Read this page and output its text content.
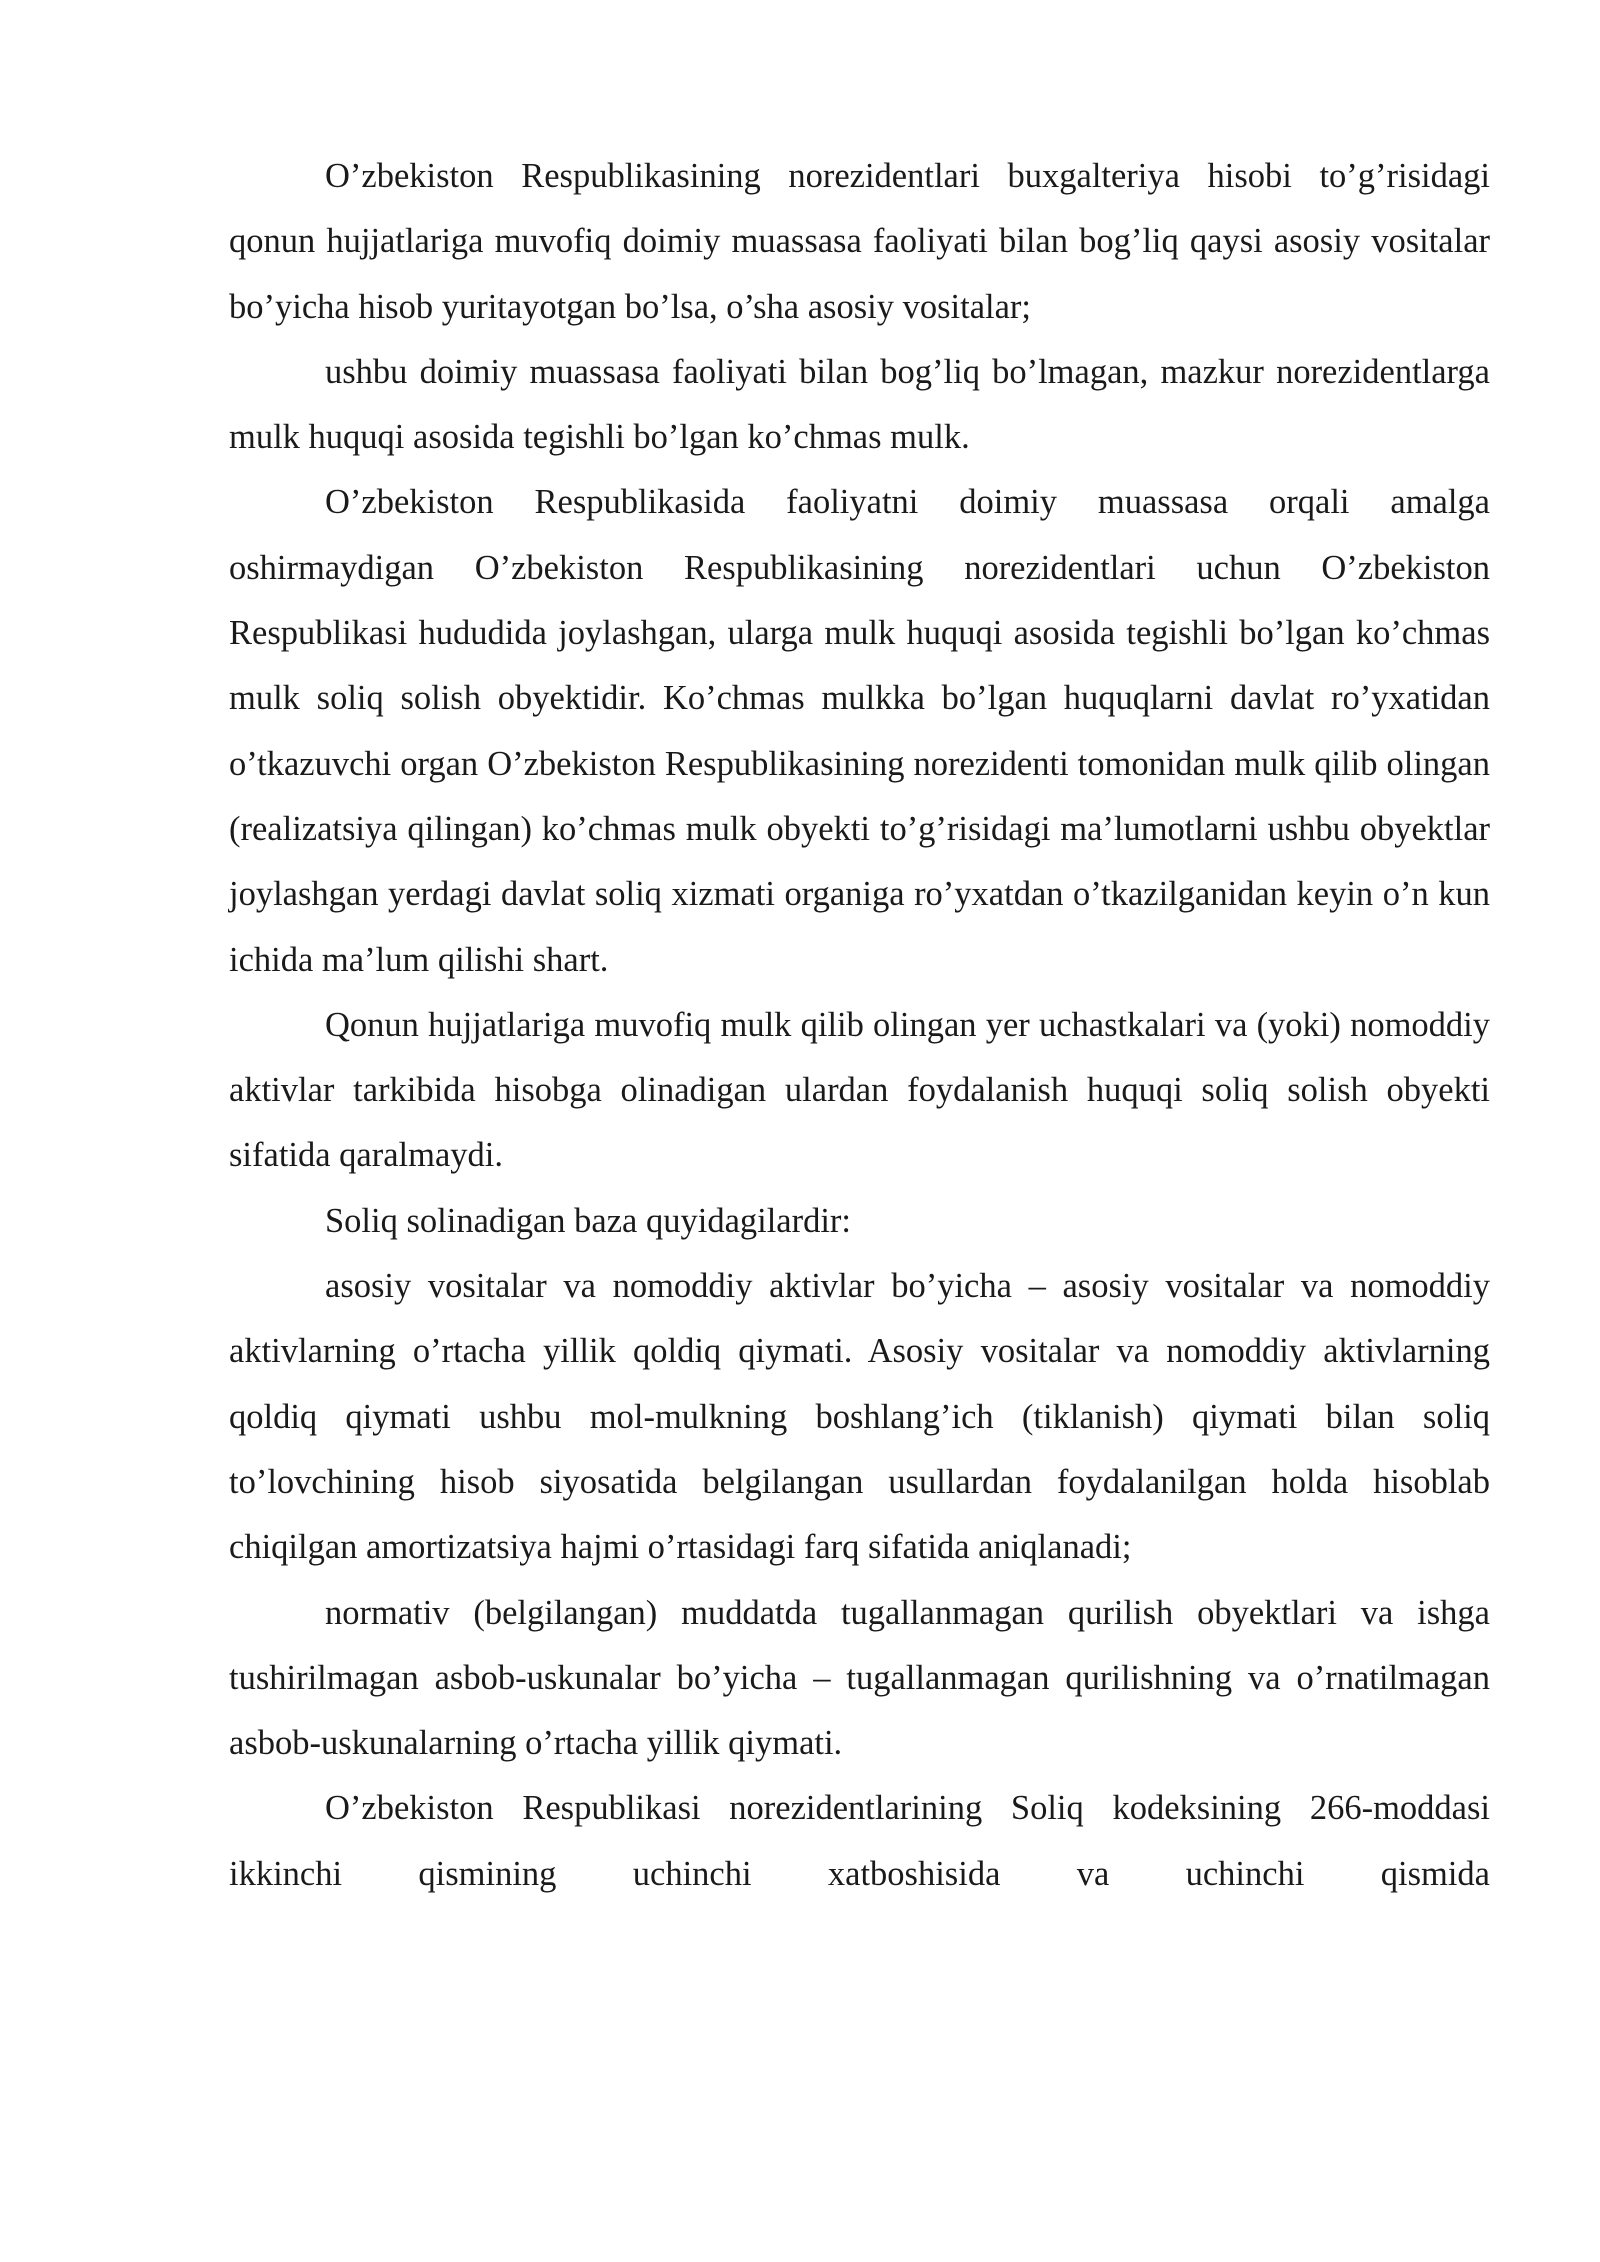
O’zbekiston Respublikasining norezidentlari buxgalteriya hisobi to’g’risidagi qonun hujjatlariga muvofiq doimiy muassasa faoliyati bilan bog’liq qaysi asosiy vositalar bo’yicha hisob yuritayotgan bo’lsa, o’sha asosiy vositalar;

ushbu doimiy muassasa faoliyati bilan bog’liq bo’lmagan, mazkur norezidentlarga mulk huquqi asosida tegishli bo’lgan ko’chmas mulk.

O’zbekiston Respublikasida faoliyatni doimiy muassasa orqali amalga oshirmaydigan O’zbekiston Respublikasining norezidentlari uchun O’zbekiston Respublikasi hududida joylashgan, ularga mulk huquqi asosida tegishli bo’lgan ko’chmas mulk soliq solish obyektidir. Ko’chmas mulkka bo’lgan huquqlarni davlat ro’yxatidan o’tkazuvchi organ O’zbekiston Respublikasining norezidenti tomonidan mulk qilib olingan (realizatsiya qilingan) ko’chmas mulk obyekti to’g’risidagi ma’lumotlarni ushbu obyektlar joylashgan yerdagi davlat soliq xizmati organiga ro’yxatdan o’tkazilganidan keyin o’n kun ichida ma’lum qilishi shart.

Qonun hujjatlariga muvofiq mulk qilib olingan yer uchastkalari va (yoki) nomoddiy aktivlar tarkibida hisobga olinadigan ulardan foydalanish huquqi soliq solish obyekti sifatida qaralmaydi.

Soliq solinadigan baza quyidagilardir:

asosiy vositalar va nomoddiy aktivlar bo’yicha – asosiy vositalar va nomoddiy aktivlarning o’rtacha yillik qoldiq qiymati. Asosiy vositalar va nomoddiy aktivlarning qoldiq qiymati ushbu mol-mulkning boshlang’ich (tiklanish) qiymati bilan soliq to’lovchining hisob siyosatida belgilangan usullardan foydalanilgan holda hisoblab chiqilgan amortizatsiya hajmi o’rtasidagi farq sifatida aniqlanadi;

normativ (belgilangan) muddatda tugallanmagan qurilish obyektlari va ishga tushirilmagan asbob-uskunalar bo’yicha – tugallanmagan qurilishning va o’rnatilmagan asbob-uskunalarning o’rtacha yillik qiymati.

O’zbekiston Respublikasi norezidentlarining Soliq kodeksining 266-moddasi ikkinchi qismining uchinchi xatboshisida va uchinchi qismida
